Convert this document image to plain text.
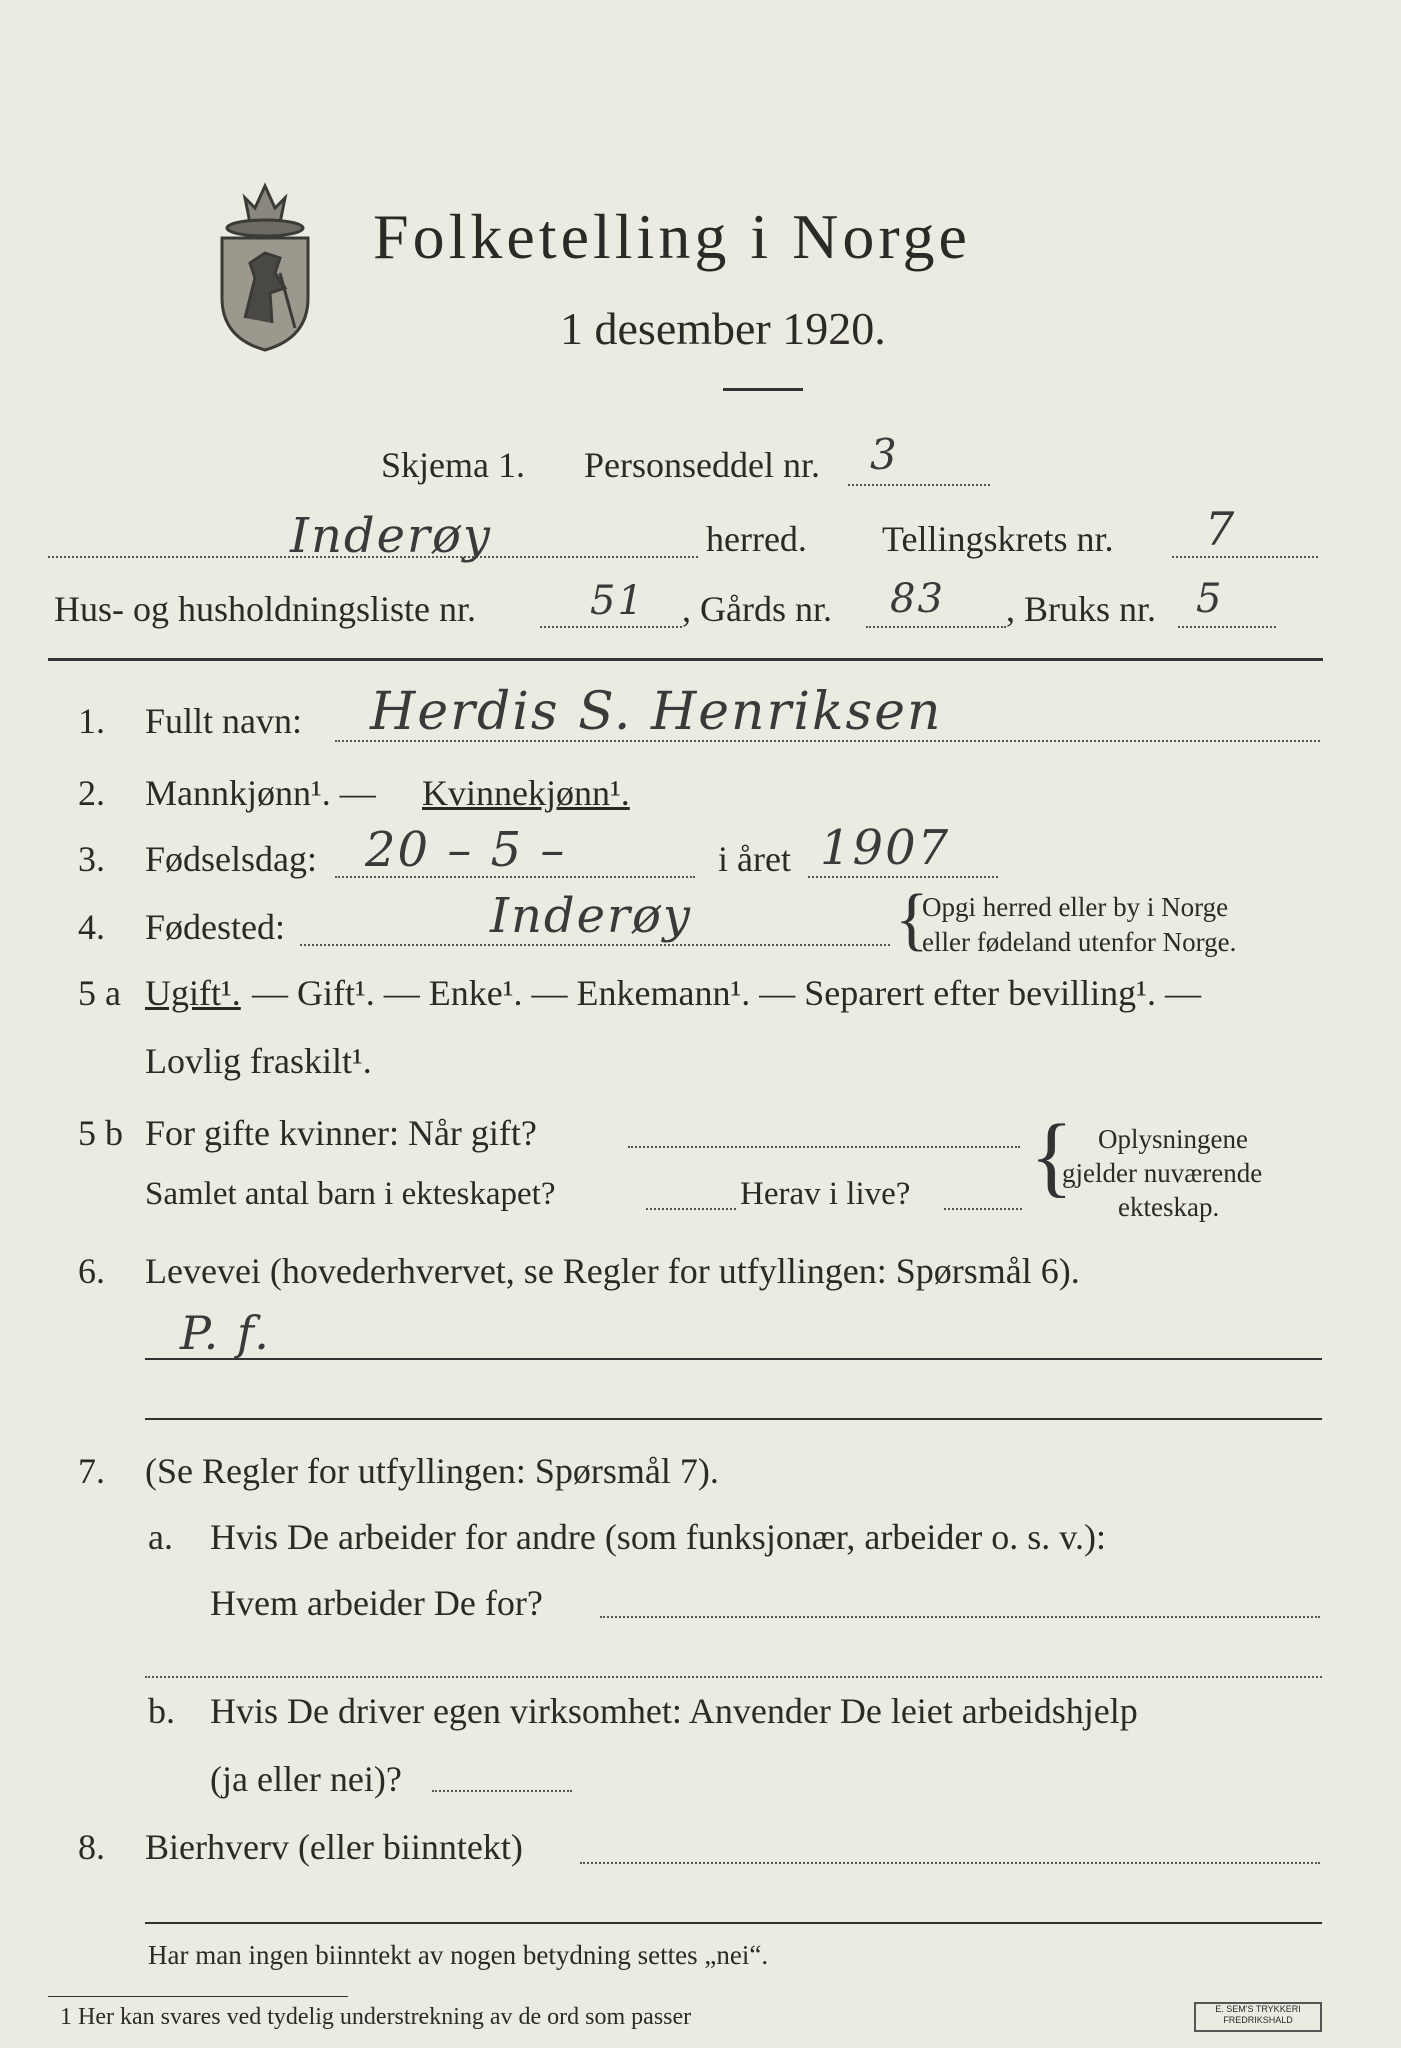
Folketelling i Norge
1 desember 1920.
Skjema 1. Personseddel nr. 3
Inderøy	herred. Tellingskrets nr. 7
Hus- og husholdningsliste nr.	51 , Gårds nr. 83 , Bruks nr. 5
1. Fullt navn: Herdis S. Henriksen
2. Mannkjønn¹. — Kvinnekjønn¹.
3. Fødselsdag: 20 – 5 –	i året 1907
4. Fødested:	Inderøy	{
Opgi herred eller by i Norge
eller fødeland utenfor Norge.
5 a Ugift¹. — Gift¹. — Enke¹. — Enkemann¹. — Separert efter bevilling¹. —
Lovlig fraskilt¹.
5 b For gifte kvinner: Når gift?
Samlet antal barn i ekteskapet?	Herav i live? { Oplysningene
gjelder nuværende
ekteskap.
6. Levevei (hovederhvervet, se Regler for utfyllingen: Spørsmål 6).
P. f.
7. (Se Regler for utfyllingen: Spørsmål 7).
a. Hvis De arbeider for andre (som funksjonær, arbeider o. s. v.):
Hvem arbeider De for?
b. Hvis De driver egen virksomhet: Anvender De leiet arbeidshjelp
(ja eller nei)?
8. Bierhverv (eller biinntekt)
Har man ingen biinntekt av nogen betydning settes „nei“.
1 Her kan svares ved tydelig understrekning av de ord som passer	E. SEM'S TRYKKERI FREDRIKSHALD
